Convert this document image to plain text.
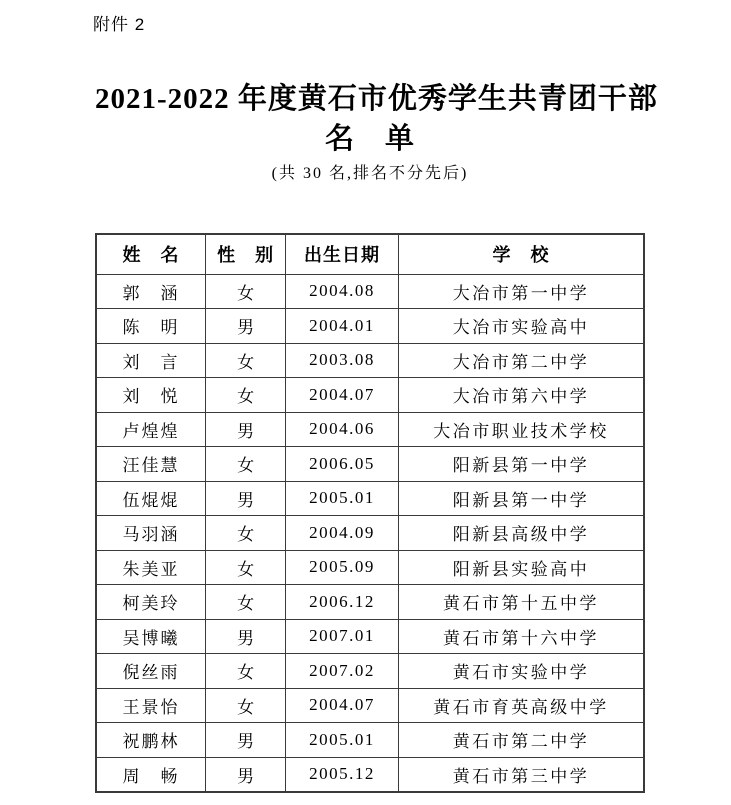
附件 2
2021-2022 年度黄石市优秀学生共青团干部
名　单
(共 30 名,排名不分先后)
姓　名	性　别	出生日期	学　校
郭　涵	女	2004.08	大冶市第一中学
陈　明	男	2004.01	大冶市实验高中
刘　言	女	2003.08	大冶市第二中学
刘　悦	女	2004.07	大冶市第六中学
卢煌煌	男	2004.06	大冶市职业技术学校
汪佳慧	女	2006.05	阳新县第一中学
伍焜焜	男	2005.01	阳新县第一中学
马羽涵	女	2004.09	阳新县高级中学
朱美亚	女	2005.09	阳新县实验高中
柯美玲	女	2006.12	黄石市第十五中学
吴博曦	男	2007.01	黄石市第十六中学
倪丝雨	女	2007.02	黄石市实验中学
王景怡	女	2004.07	黄石市育英高级中学
祝鹏林	男	2005.01	黄石市第二中学
周　畅	男	2005.12	黄石市第三中学
